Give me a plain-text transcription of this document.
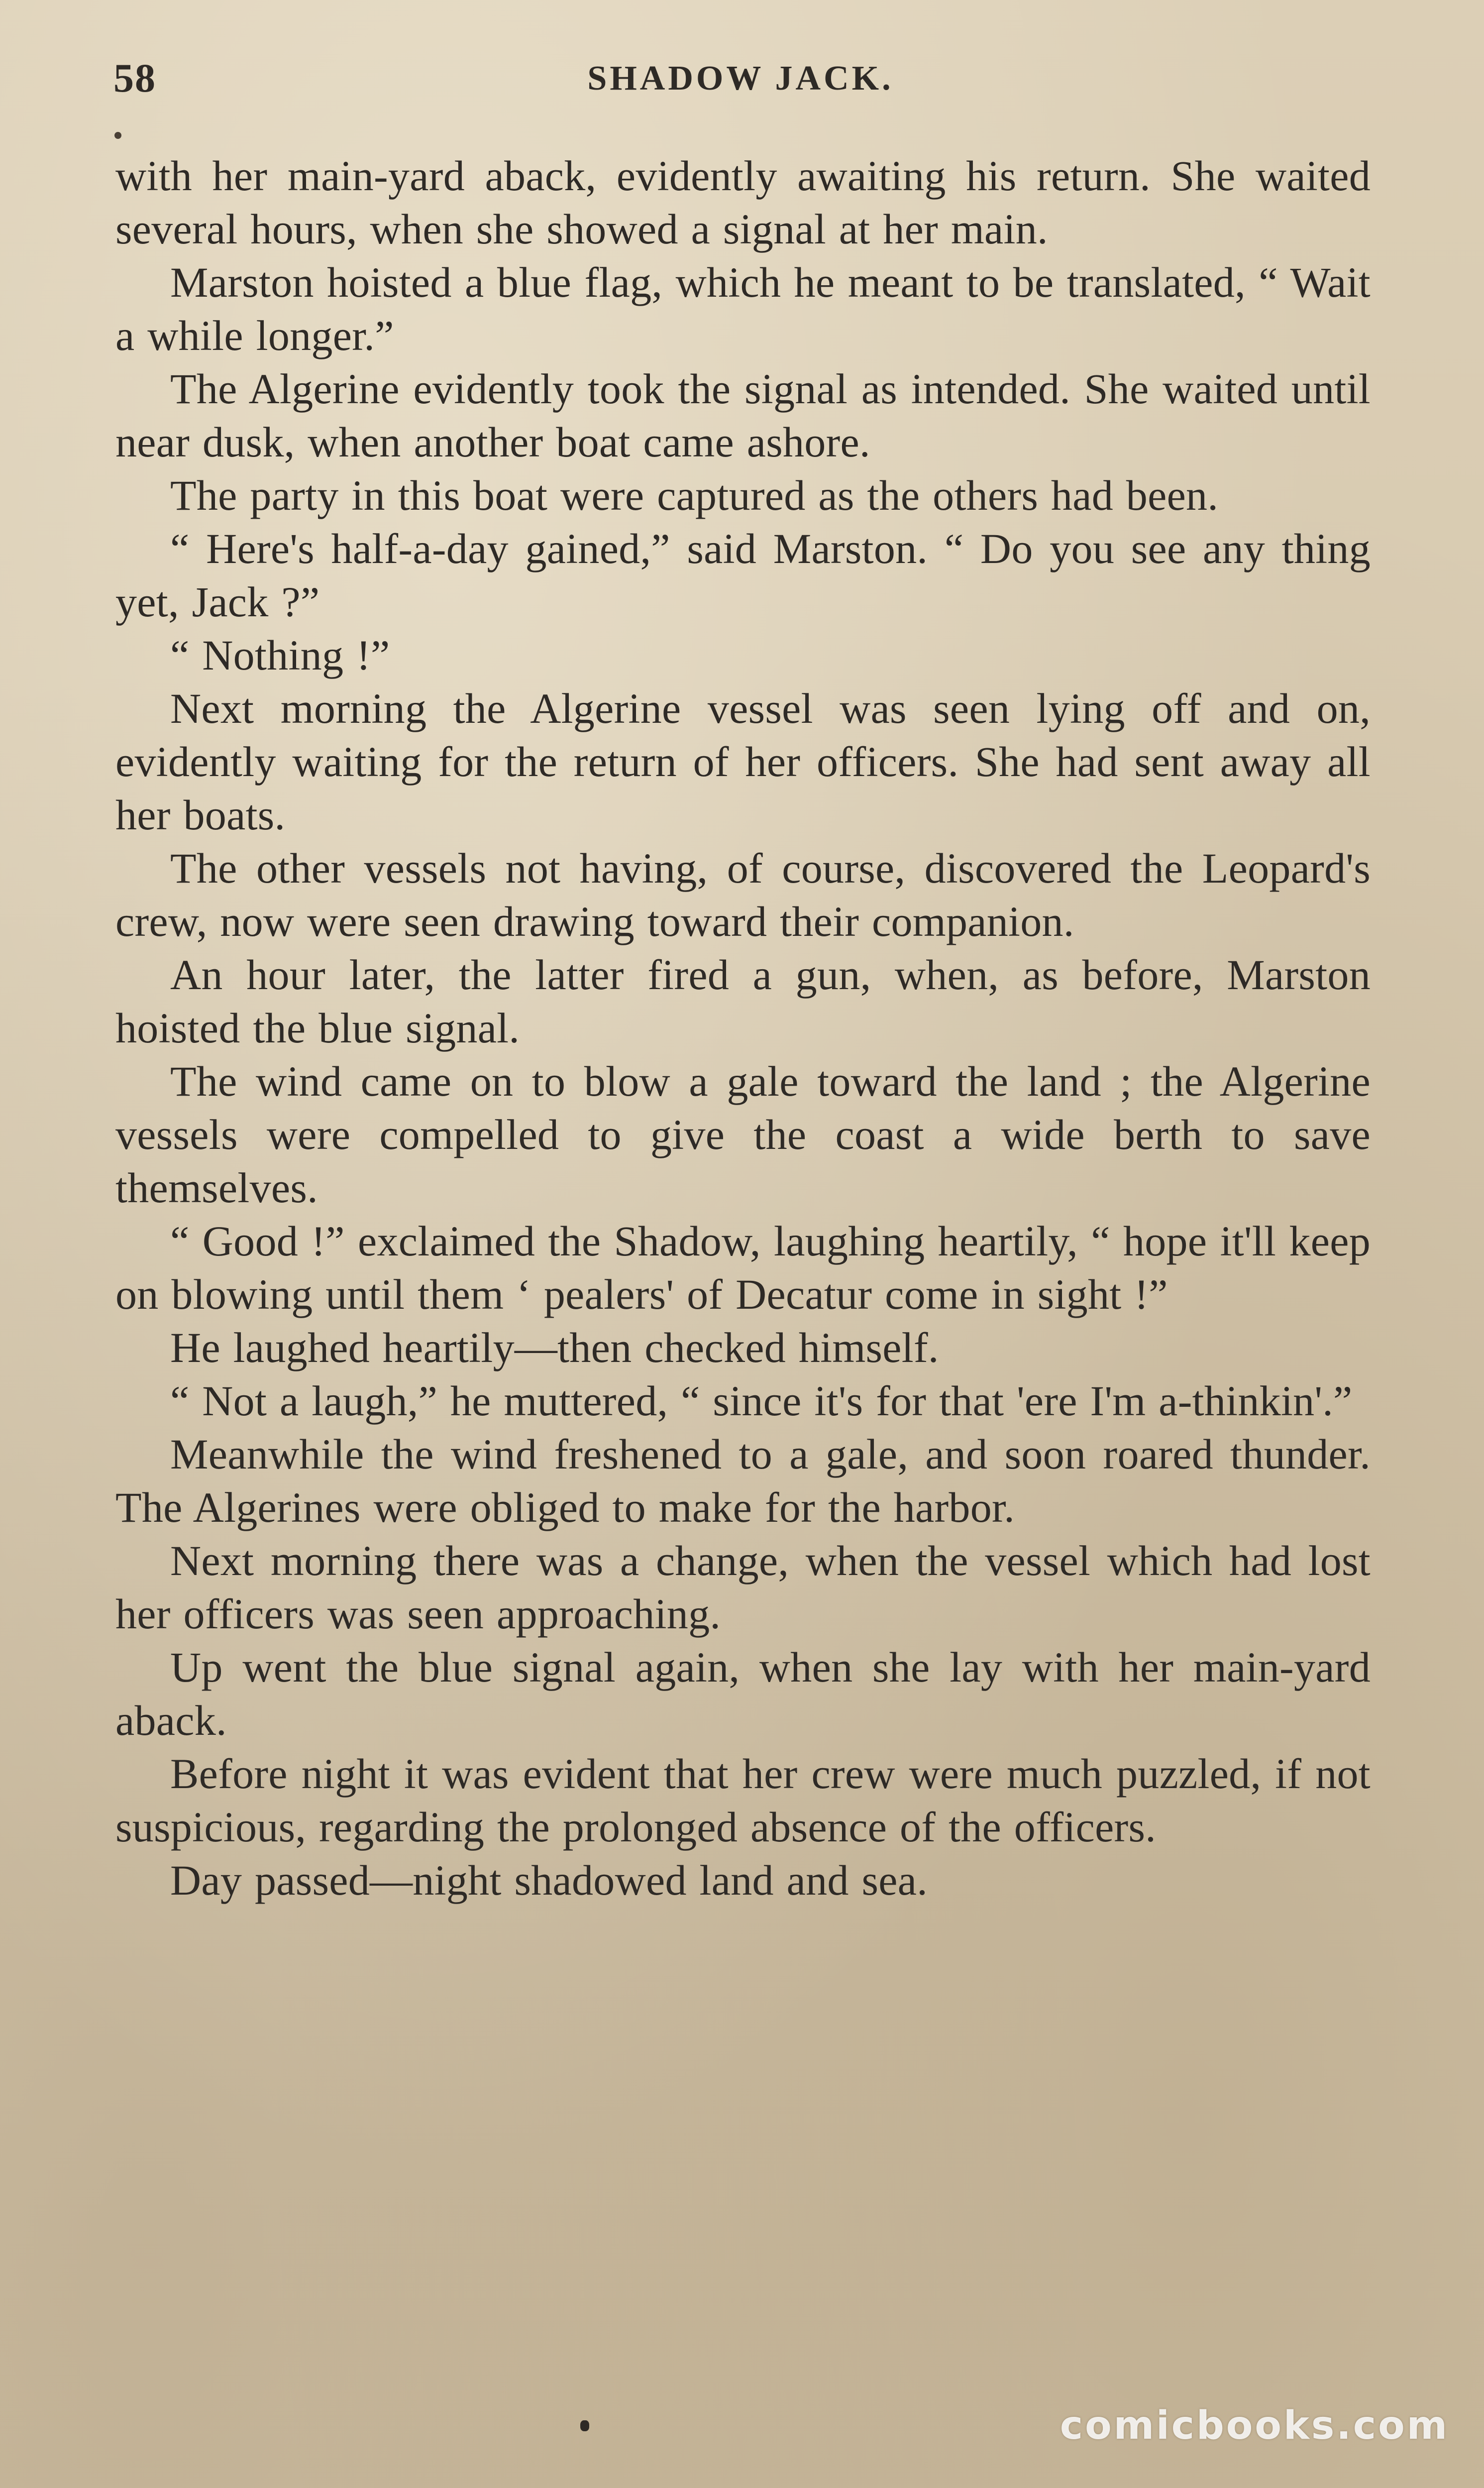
58	SHADOW JACK.

with her main-yard aback, evidently awaiting his return. She waited several hours, when she showed a signal at her main.

Marston hoisted a blue flag, which he meant to be translated, “ Wait a while longer.”

The Algerine evidently took the signal as intended. She waited until near dusk, when another boat came ashore.

The party in this boat were captured as the others had been.

“ Here's half-a-day gained,” said Marston. “ Do you see any thing yet, Jack ?”

“ Nothing !”

Next morning the Algerine vessel was seen lying off and on, evidently waiting for the return of her officers. She had sent away all her boats.

The other vessels not having, of course, discovered the Leopard's crew, now were seen drawing toward their companion.

An hour later, the latter fired a gun, when, as before, Marston hoisted the blue signal.

The wind came on to blow a gale toward the land ; the Algerine vessels were compelled to give the coast a wide berth to save themselves.

“ Good !” exclaimed the Shadow, laughing heartily, “ hope it'll keep on blowing until them ‘ pealers' of Decatur come in sight !”

He laughed heartily—then checked himself.

“ Not a laugh,” he muttered, “ since it's for that 'ere I'm a-thinkin'.”

Meanwhile the wind freshened to a gale, and soon roared thunder. The Algerines were obliged to make for the harbor.

Next morning there was a change, when the vessel which had lost her officers was seen approaching.

Up went the blue signal again, when she lay with her main-yard aback.

Before night it was evident that her crew were much puzzled, if not suspicious, regarding the prolonged absence of the officers.

Day passed—night shadowed land and sea.

comicbooks.com
